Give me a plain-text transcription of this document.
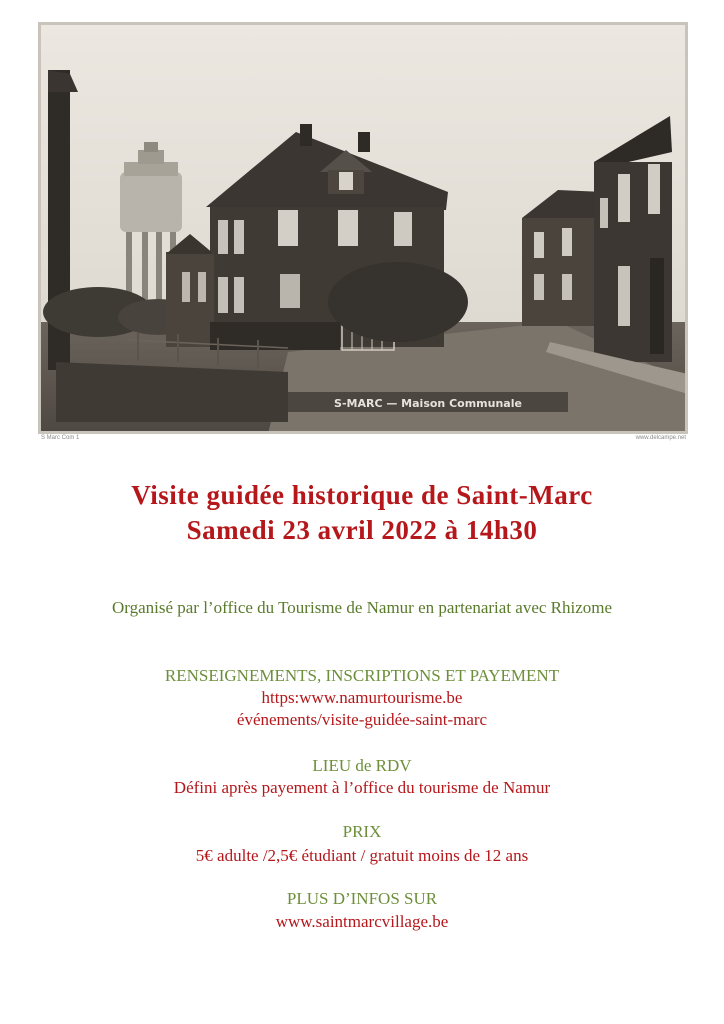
S-MARC — Maison Communale
S Marc Com 1	www.delcampe.net
Visite guidée historique de Saint-Marc
Samedi 23 avril 2022 à 14h30
Organisé par l’office du Tourisme de Namur en partenariat avec Rhizome
RENSEIGNEMENTS, INSCRIPTIONS ET PAYEMENT
https:www.namurtourisme.be
événements/visite-guidée-saint-marc
LIEU de RDV
Défini après payement à l’office du tourisme de Namur
PRIX
5€ adulte /2,5€ étudiant / gratuit moins de 12 ans
PLUS D’INFOS SUR
www.saintmarcvillage.be
